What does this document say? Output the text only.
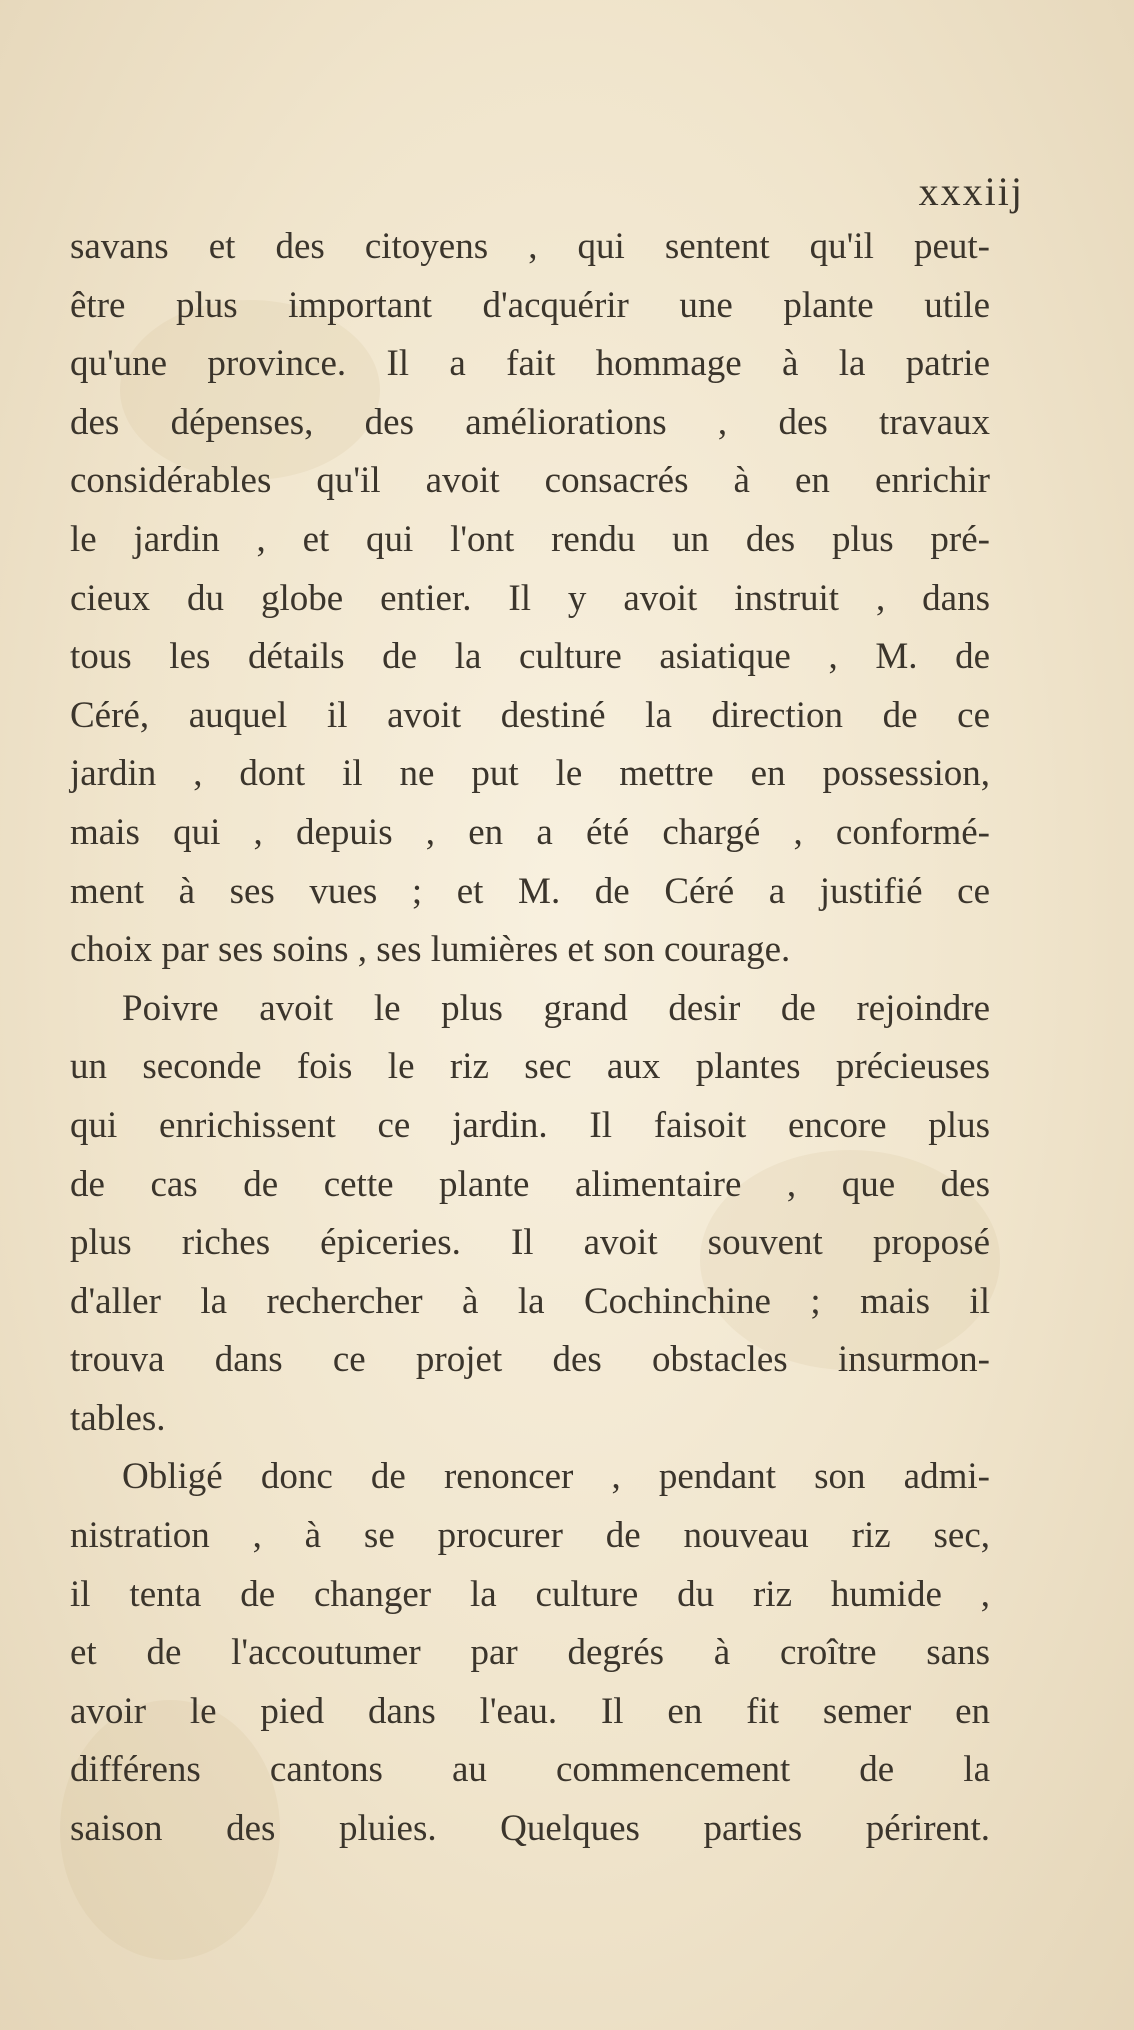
xxxiij
savans et des citoyens , qui sentent qu'il peut-
être plus important d'acquérir une plante utile
qu'une province. Il a fait hommage à la patrie
des dépenses, des améliorations , des travaux
considérables qu'il avoit consacrés à en enrichir
le jardin , et qui l'ont rendu un des plus pré-
cieux du globe entier. Il y avoit instruit , dans
tous les détails de la culture asiatique , M. de
Céré, auquel il avoit destiné la direction de ce
jardin , dont il ne put le mettre en possession,
mais qui , depuis , en a été chargé , conformé-
ment à ses vues ; et M. de Céré a justifié ce
choix par ses soins , ses lumières et son courage.
Poivre avoit le plus grand desir de rejoindre
un seconde fois le riz sec aux plantes précieuses
qui enrichissent ce jardin. Il faisoit encore plus
de cas de cette plante alimentaire , que des
plus riches épiceries. Il avoit souvent proposé
d'aller la rechercher à la Cochinchine ; mais il
trouva dans ce projet des obstacles insurmon-
tables.
Obligé donc de renoncer , pendant son admi-
nistration , à se procurer de nouveau riz sec,
il tenta de changer la culture du riz humide ,
et de l'accoutumer par degrés à croître sans
avoir le pied dans l'eau. Il en fit semer en
différens cantons au commencement de la
saison des pluies. Quelques parties périrent.
